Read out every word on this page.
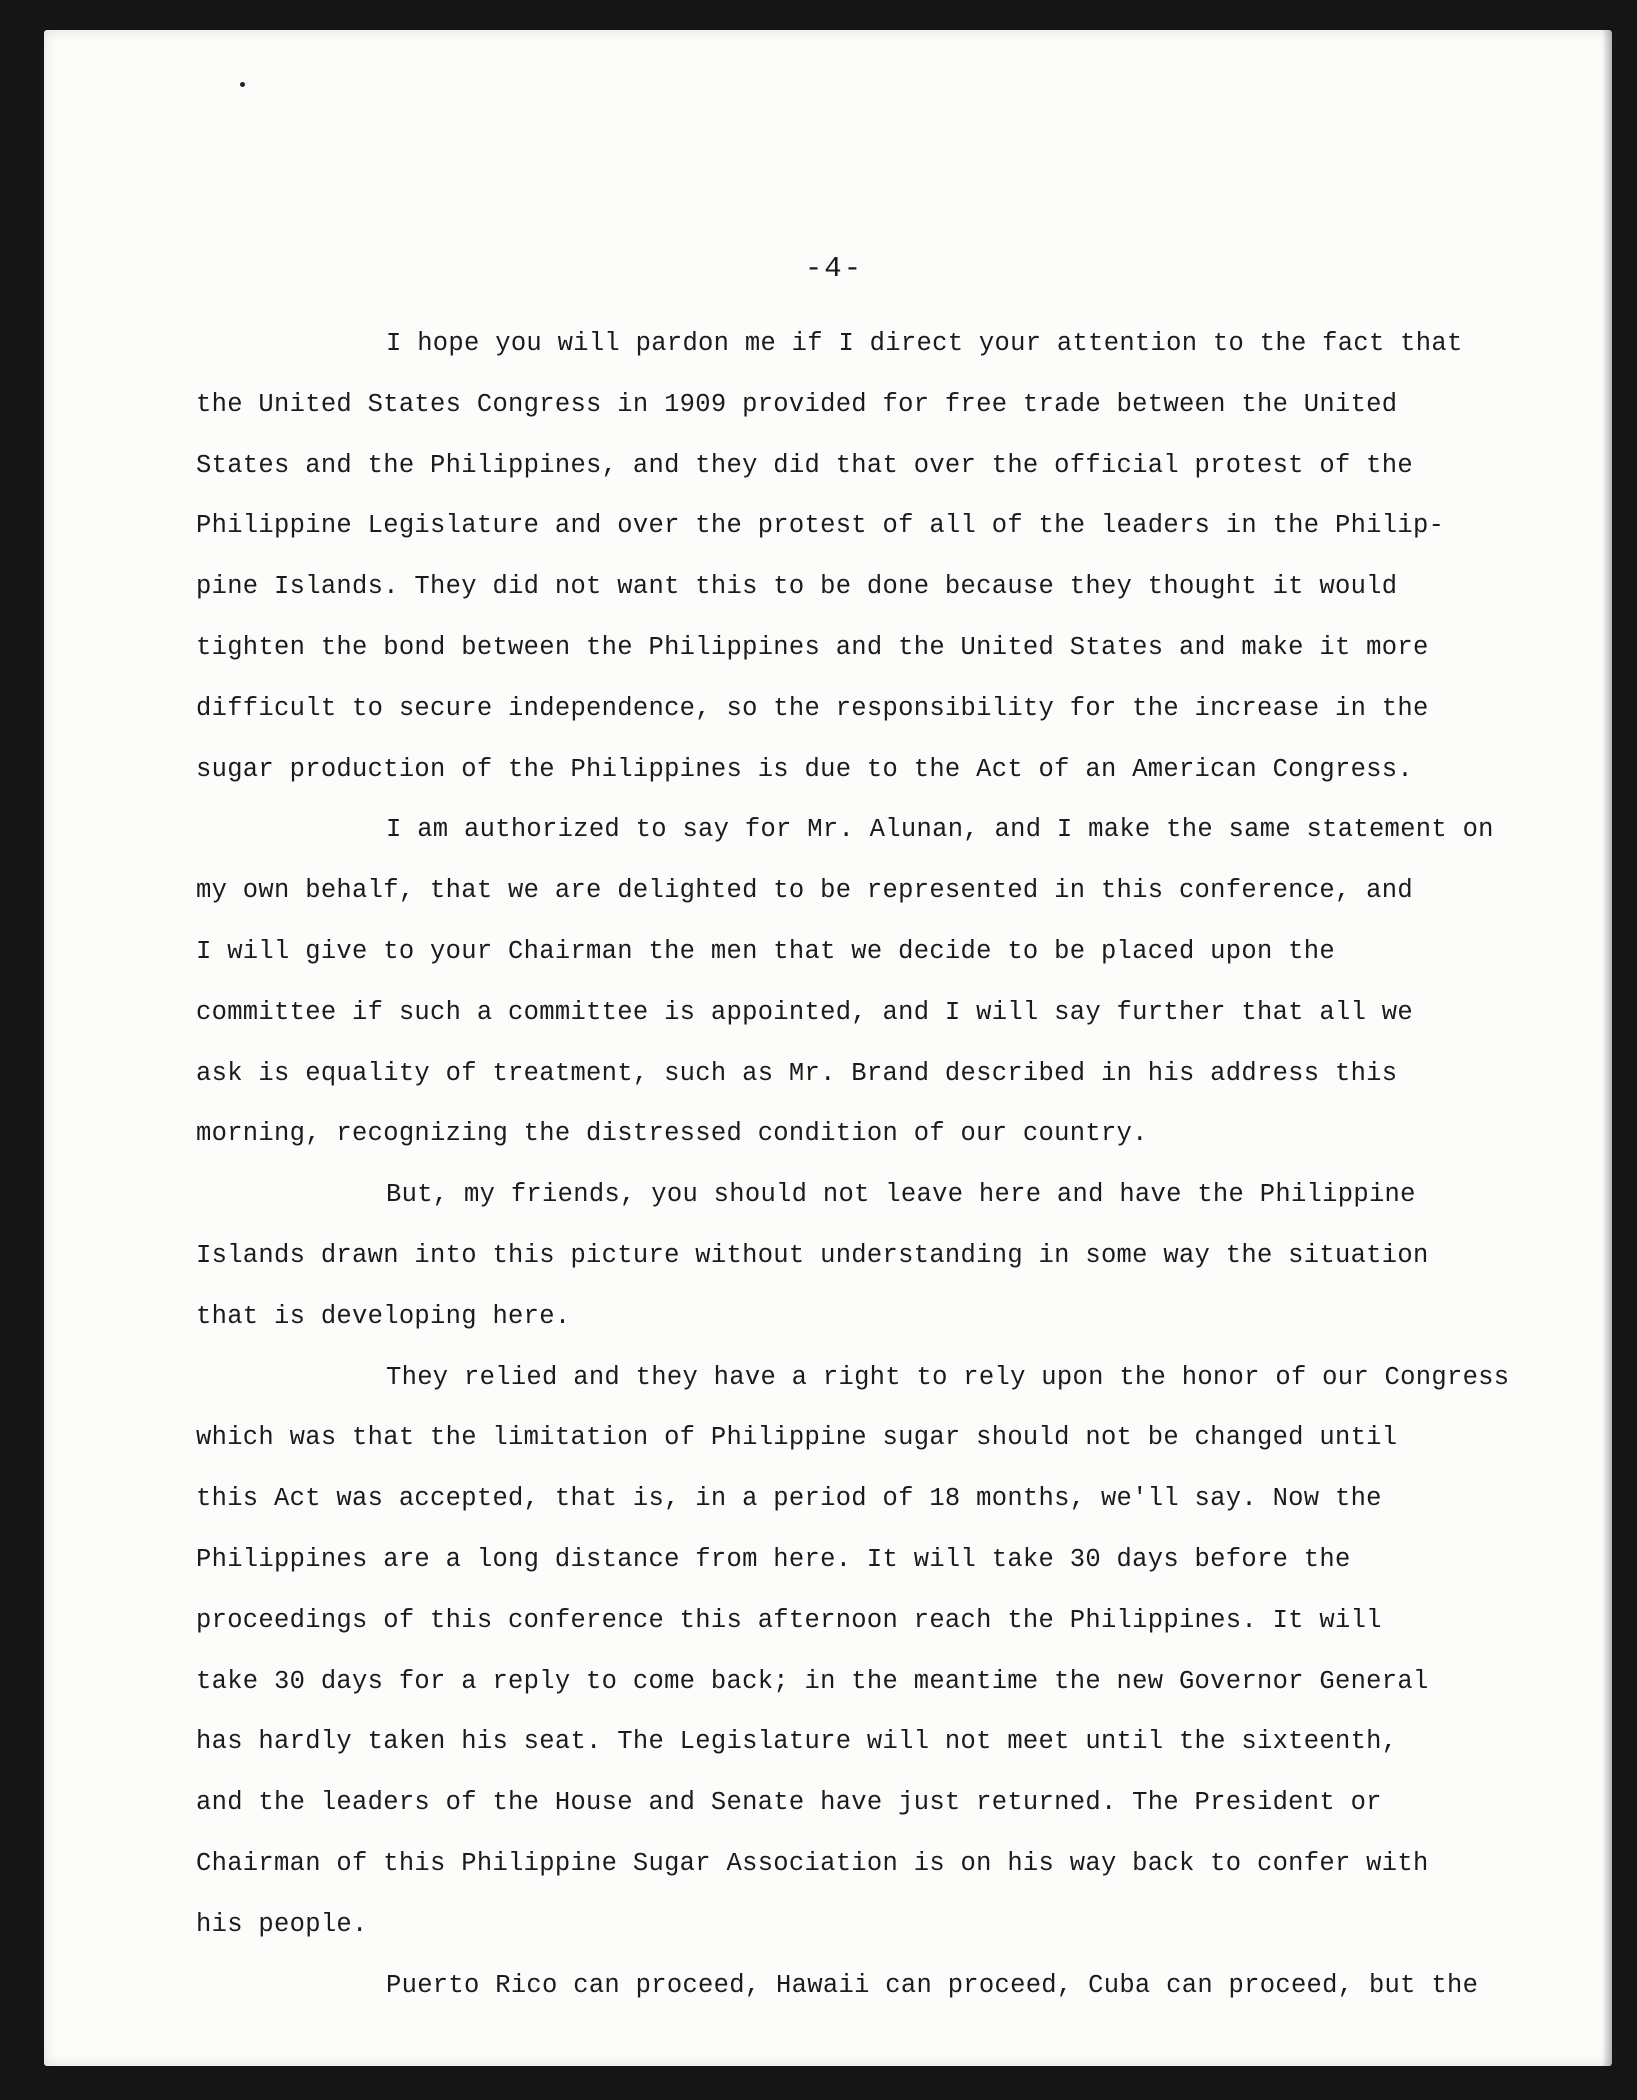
-4-
I hope you will pardon me if I direct your attention to the fact that
the United States Congress in 1909 provided for free trade between the United
States and the Philippines, and they did that over the official protest of the
Philippine Legislature and over the protest of all of the leaders in the Philip-
pine Islands. They did not want this to be done because they thought it would
tighten the bond between the Philippines and the United States and make it more
difficult to secure independence, so the responsibility for the increase in the
sugar production of the Philippines is due to the Act of an American Congress.
I am authorized to say for Mr. Alunan, and I make the same statement on
my own behalf, that we are delighted to be represented in this conference, and
I will give to your Chairman the men that we decide to be placed upon the
committee if such a committee is appointed, and I will say further that all we
ask is equality of treatment, such as Mr. Brand described in his address this
morning, recognizing the distressed condition of our country.
But, my friends, you should not leave here and have the Philippine
Islands drawn into this picture without understanding in some way the situation
that is developing here.
They relied and they have a right to rely upon the honor of our Congress
which was that the limitation of Philippine sugar should not be changed until
this Act was accepted, that is, in a period of 18 months, we'll say. Now the
Philippines are a long distance from here. It will take 30 days before the
proceedings of this conference this afternoon reach the Philippines. It will
take 30 days for a reply to come back; in the meantime the new Governor General
has hardly taken his seat. The Legislature will not meet until the sixteenth,
and the leaders of the House and Senate have just returned. The President or
Chairman of this Philippine Sugar Association is on his way back to confer with
his people.
Puerto Rico can proceed, Hawaii can proceed, Cuba can proceed, but the
